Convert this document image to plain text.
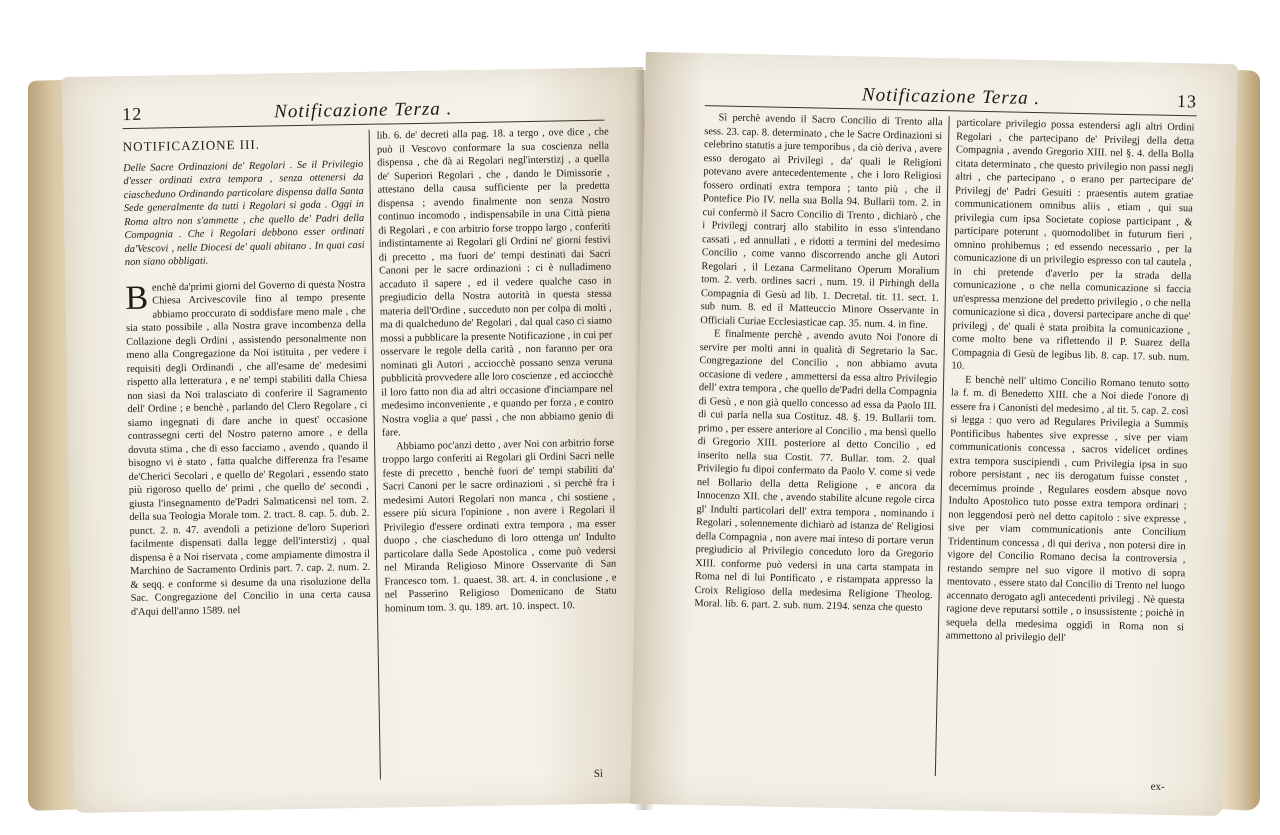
12	Notificazione Terza .

NOTIFICAZIONE III.

Delle Sacre Ordinazioni de' Regolari . Se il Privilegio d'esser ordinati extra tempora , senza ottenersi da ciascheduno Ordinando particolare dispensa dalla Santa Sede generalmente da tutti i Regolari si goda . Oggi in Roma altro non s'ammette , che quello de' Padri della Compagnia . Che i Regolari debbono esser ordinati da'Vescovi , nelle Diocesi de' quali abitano . In quai casi non siano obbligati.

Benchè da'primi giorni del Governo di questa Nostra Chiesa Arcivescovile fino al tempo presente abbiamo proccurato di soddisfare meno male , che sia stato possibile , alla Nostra grave incombenza della Collazione degli Ordini , assistendo personalmente non meno alla Congregazione da Noi istituita , per vedere i requisiti degli Ordinandi , che all'esame de' medesimi rispetto alla letteratura , e ne' tempi stabiliti dalla Chiesa non siasi da Noi tralasciato di conferire il Sagramento dell' Ordine ; e benchè , parlando del Clero Regolare , ci siamo ingegnati di dare anche in quest' occasione contrassegni certi del Nostro paterno amore , e della dovuta stima , che di esso facciamo , avendo , quando il bisogno vi è stato , fatta qualche differenza fra l'esame de'Cherici Secolari , e quello de' Regolari , essendo stato più rigoroso quello de' primi , che quello de' secondi , giusta l'insegnamento de'Padri Salmaticensi nel tom. 2. della sua Teologia Morale tom. 2. tract. 8. cap. 5. dub. 2. punct. 2. n. 47. avendoli a petizione de'loro Superiori facilmente dispensati dalla legge dell'interstizj , qual dispensa è a Noi riservata , come ampiamente dimostra il Marchino de Sacramento Ordinis part. 7. cap. 2. num. 2. & seqq. e conforme si desume da una risoluzione della Sac. Congregazione del Concilio in una certa causa d'Aqui dell'anno 1589. nel

lib. 6. de' decreti alla pag. 18. a tergo , ove dice , che può il Vescovo conformare la sua coscienza nella dispensa , che dà ai Regolari negl'interstizj , a quella de' Superiori Regolari , che , dando le Dimissorie , attestano della causa sufficiente per la predetta dispensa ; avendo finalmente non senza Nostro continuo incomodo , indispensabile in una Città piena di Regolari , e con arbitrio forse troppo largo , conferiti indistintamente ai Regolari gli Ordini ne' giorni festivi di precetto , ma fuori de' tempi destinati dai Sacri Canoni per le sacre ordinazioni ; ci è nulladimeno accaduto il sapere , ed il vedere qualche caso in pregiudicio della Nostra autorità in questa stessa materia dell'Ordine , succeduto non per colpa di molti , ma di qualcheduno de' Regolari , dal qual caso ci siamo mossi a pubblicare la presente Notificazione , in cui per osservare le regole della carità , non faranno per ora nominati gli Autori , acciocchè possano senza veruna pubblicità provvedere alle loro coscienze , ed acciocchè il loro fatto non dia ad altri occasione d'inciampare nel medesimo inconveniente , e quando per forza , e contro Nostra voglia a que' passi , che non abbiamo genio di fare.

Abbiamo poc'anzi detto , aver Noi con arbitrio forse troppo largo conferiti ai Regolari gli Ordini Sacri nelle feste di precetto , benchè fuori de' tempi stabiliti da' Sacri Canoni per le sacre ordinazioni , si perchè fra i medesimi Autori Regolari non manca , chi sostiene , essere più sicura l'opinione , non avere i Regolari il Privilegio d'essere ordinati extra tempora , ma esser duopo , che ciascheduno di loro ottenga un' Indulto particolare dalla Sede Apostolica , come può vedersi nel Miranda Religioso Minore Osservante di San Francesco tom. 1. quaest. 38. art. 4. in conclusione , e nel Passerino Religioso Domenicano de Statu hominum tom. 3. qu. 189. art. 10. inspect. 10.

Sì
Notificazione Terza .	13

Sì perchè avendo il Sacro Concilio di Trento alla sess. 23. cap. 8. determinato , che le Sacre Ordinazioni si celebrino statutis a jure temporibus , da ciò deriva , avere esso derogato ai Privilegi , da' quali le Religioni potevano avere antecedentemente , che i loro Religiosi fossero ordinati extra tempora ; tanto più , che il Pontefice Pio IV. nella sua Bolla 94. Bullarii tom. 2. in cui confermò il Sacro Concilio di Trento , dichiarò , che i Privilegj contrarj allo stabilito in esso s'intendano cassati , ed annullati , e ridotti a termini del medesimo Concilio , come vanno discorrendo anche gli Autori Regolari , il Lezana Carmelitano Operum Moralium tom. 2. verb. ordines sacri , num. 19. il Pirhingh della Compagnia di Gesù ad lib. 1. Decretal. tit. 11. sect. 1. sub num. 8. ed il Matteuccio Minore Osservante in Officiali Curiae Ecclesiasticae cap. 35. num. 4. in fine.

E finalmente perchè , avendo avuto Noi l'onore di servire per molti anni in qualità di Segretario la Sac. Congregazione del Concilio , non abbiamo avuta occasione di vedere , ammettersi da essa altro Privilegio dell' extra tempora , che quello de'Padri della Compagnia di Gesù , e non già quello concesso ad essa da Paolo III. di cui parla nella sua Costituz. 48. §. 19. Bullarii tom. primo , per essere anteriore al Concilio , ma bensì quello di Gregorio XIII. posteriore al detto Concilio , ed inserito nella sua Costit. 77. Bullar. tom. 2. qual Privilegio fu dipoi confermato da Paolo V. come si vede nel Bollario della detta Religione , e ancora da Innocenzo XII. che , avendo stabilite alcune regole circa gl' Indulti particolari dell' extra tempora , nominando i Regolari , solennemente dichiarò ad istanza de' Religiosi della Compagnia , non avere mai inteso di portare verun pregiudicio al Privilegio conceduto loro da Gregorio XIII. conforme può vedersi in una carta stampata in Roma nel di lui Pontificato , e ristampata appresso la Croix Religioso della medesima Religione Theolog. Moral. lib. 6. part. 2. sub. num. 2194. senza che questo

particolare privilegio possa estendersi agli altri Ordini Regolari , che partecipano de' Privilegj della detta Compagnia , avendo Gregorio XIII. nel §. 4. della Bolla citata determinato , che questo privilegio non passi negli altri , che partecipano , o erano per partecipare de' Privilegj de' Padri Gesuiti : praesentis autem gratiae communicationem omnibus aliis , etiam , qui sua privilegia cum ipsa Societate copiose participant , & participare poterunt , quomodolibet in futurum fieri , omnino prohibemus ; ed essendo necessario , per la comunicazione di un privilegio espresso con tal cautela , in chi pretende d'averlo per la strada della comunicazione , o che nella comunicazione si faccia un'espressa menzione del predetto privilegio , o che nella comunicazione si dica , doversi partecipare anche di que' privilegj , de' quali è stata proibita la comunicazione , come molto bene va riflettendo il P. Suarez della Compagnia di Gesù de legibus lib. 8. cap. 17. sub. num. 10.

E benchè nell' ultimo Concilio Romano tenuto sotto la f. m. di Benedetto XIII. che a Noi diede l'onore di essere fra i Canonisti del medesimo , al tit. 5. cap. 2. così si legga : quo vero ad Regulares Privilegia a Summis Pontificibus habentes sive expresse , sive per viam communicationis concessa , sacros videlicet ordines extra tempora suscipiendi , cum Privilegia ipsa in suo robore persistant , nec iis derogatum fuisse constet , decernimus proinde , Regulares eosdem absque novo Indulto Apostolico tuto posse extra tempora ordinari ; non leggendosi però nel detto capitolo : sive expresse , sive per viam communicationis ante Concilium Tridentinum concessa , di qui deriva , non potersi dire in vigore del Concilio Romano decisa la controversia , restando sempre nel suo vigore il motivo di sopra mentovato , essere stato dal Concilio di Trento nel luogo accennato derogato agli antecedenti privilegj . Nè questa ragione deve reputarsi sottile , o insussistente ; poichè in sequela della medesima oggidì in Roma non si ammettono al privilegio dell'

ex-
